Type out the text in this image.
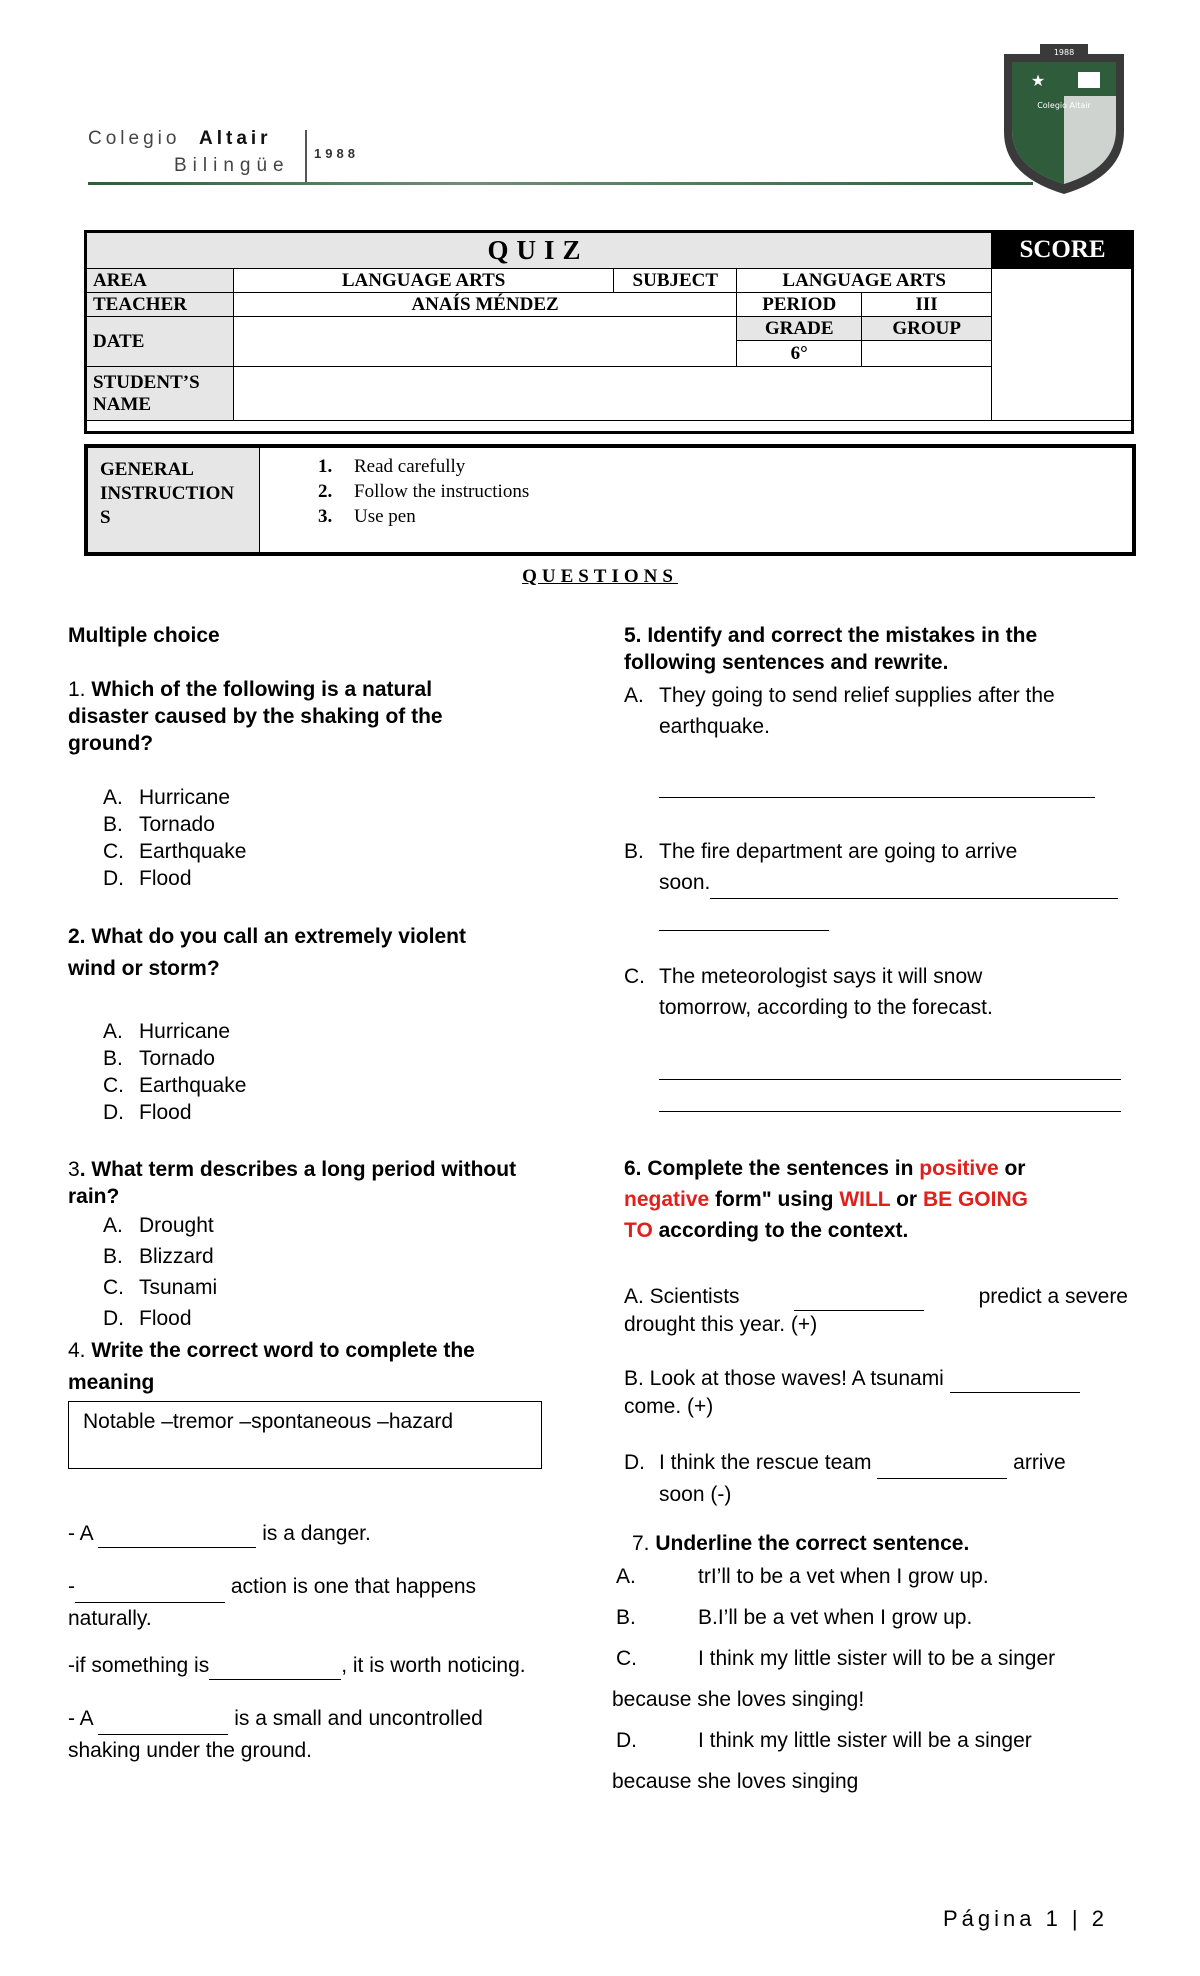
Colegio Altair
Bilingüe
1988
1988
★
Colegio Altair
QUIZ					SCORE
AREA	LANGUAGE ARTS	SUBJECT	LANGUAGE ARTS		
TEACHER	ANAÍS MÉNDEZ		PERIOD	III	
DATE			GRADE	GROUP	
			6°		
STUDENT’S
NAME					
GENERAL
INSTRUCTION
S
1. Read carefully
2. Follow the instructions
3. Use pen
QUESTIONS
Multiple choice
1. Which of the following is a natural
disaster caused by the shaking of the
ground?
A. Hurricane
B. Tornado
C. Earthquake
D. Flood
2. What do you call an extremely violent
wind or storm?
A. Hurricane
B. Tornado
C. Earthquake
D. Flood
3. What term describes a long period without
rain?
A. Drought
B. Blizzard
C. Tsunami
D. Flood
4. Write the correct word to complete the
meaning
Notable –tremor –spontaneous –hazard
- A	is a danger.
-	action is one that happens
naturally.
-if something is	, it is worth noticing.
- A	is a small and uncontrolled
shaking under the ground.
5. Identify and correct the mistakes in the
following sentences and rewrite.
A. They going to send relief supplies after the
earthquake.
B. The fire department are going to arrive
soon.

C. The meteorologist says it will snow
tomorrow, according to the forecast.
6. Complete the sentences in positive or
negative form" using WILL or BE GOING
TO according to the context.
A. Scientists
	predict a severe
drought this year. (+)
B. Look at those waves! A tsunami
come. (+)
D. I think the rescue team

	arrive
soon (-)
7. Underline the correct sentence.
A.	trI’ll to be a vet when I grow up.
B.	B.I’ll be a vet when I grow up.
C.	I think my little sister will to be a singer
because she loves singing!
D.	I think my little sister will be a singer
because she loves singing
Página 1 | 2
